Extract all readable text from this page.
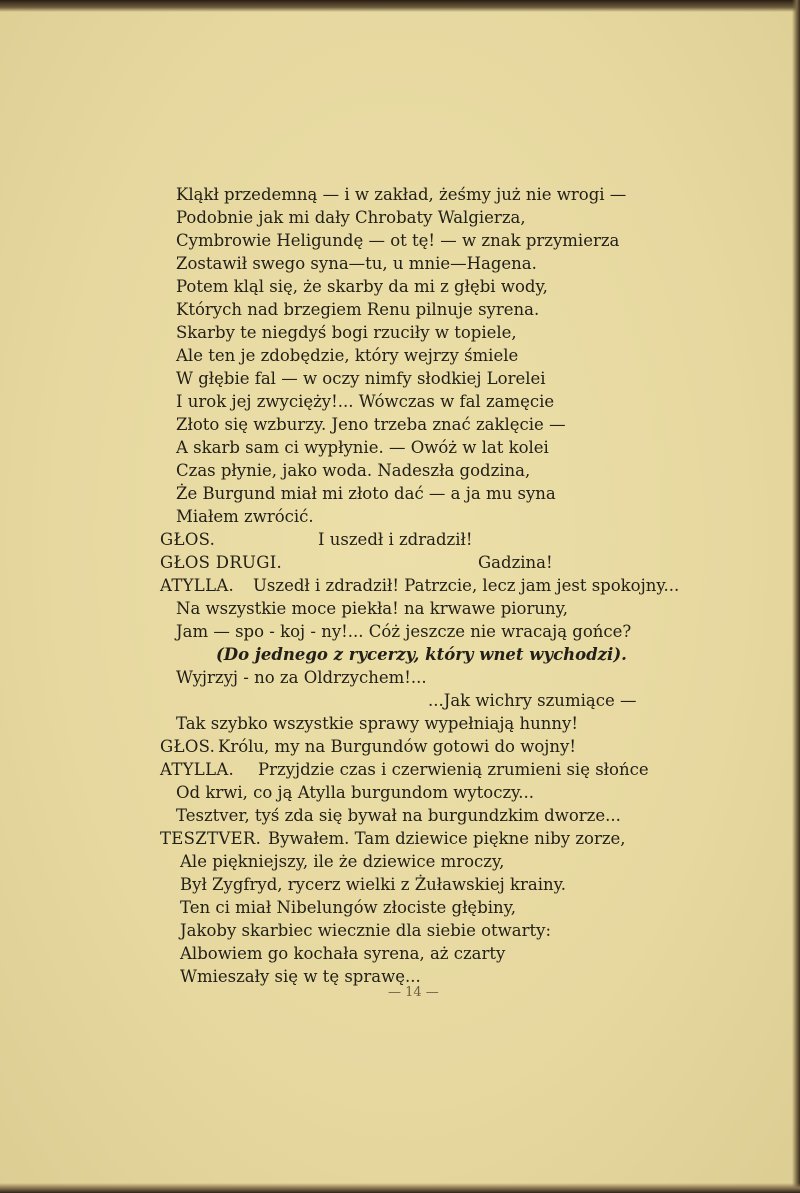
Kląkł przedemną — i w zakład, żeśmy już nie wrogi —
Podobnie jak mi dały Chrobaty Walgierza,
Cymbrowie Heligundę — ot tę! — w znak przymierza
Zostawił swego syna—tu, u mnie—Hagena.
Potem kląl się, że skarby da mi z głębi wody,
Których nad brzegiem Renu pilnuje syrena.
Skarby te niegdyś bogi rzuciły w topiele,
Ale ten je zdobędzie, który wejrzy śmiele
W głębie fal — w oczy nimfy słodkiej Lorelei
I urok jej zwycięży!... Wówczas w fal zamęcie
Złoto się wzburzy. Jeno trzeba znać zaklęcie —
A skarb sam ci wypłynie. — Owóż w lat kolei
Czas płynie, jako woda. Nadeszła godzina,
Że Burgund miał mi złoto dać — a ja mu syna
Miałem zwrócić.
GŁOS.	I uszedł i zdradził!
GŁOS DRUGI.	Gadzina!
ATYLLA. Uszedł i zdradził! Patrzcie, lecz jam jest spokojny...
Na wszystkie moce piekła! na krwawe pioruny,
Jam — spo - koj - ny!... Cóż jeszcze nie wracają gońce?
(Do jednego z rycerzy, który wnet wychodzi).
Wyjrzyj - no za Oldrzychem!...
...Jak wichry szumiące —
Tak szybko wszystkie sprawy wypełniają hunny!
GŁOS. Królu, my na Burgundów gotowi do wojny!
ATYLLA. Przyjdzie czas i czerwienią zrumieni się słońce
Od krwi, co ją Atylla burgundom wytoczy...
Tesztver, tyś zda się bywał na burgundzkim dworze...
TESZTVER. Bywałem. Tam dziewice piękne niby zorze,
Ale piękniejszy, ile że dziewice mroczy,
Był Zygfryd, rycerz wielki z Żuławskiej krainy.
Ten ci miał Nibelungów złociste głębiny,
Jakoby skarbiec wiecznie dla siebie otwarty:
Albowiem go kochała syrena, aż czarty
Wmieszały się w tę sprawę...
— 14 —
